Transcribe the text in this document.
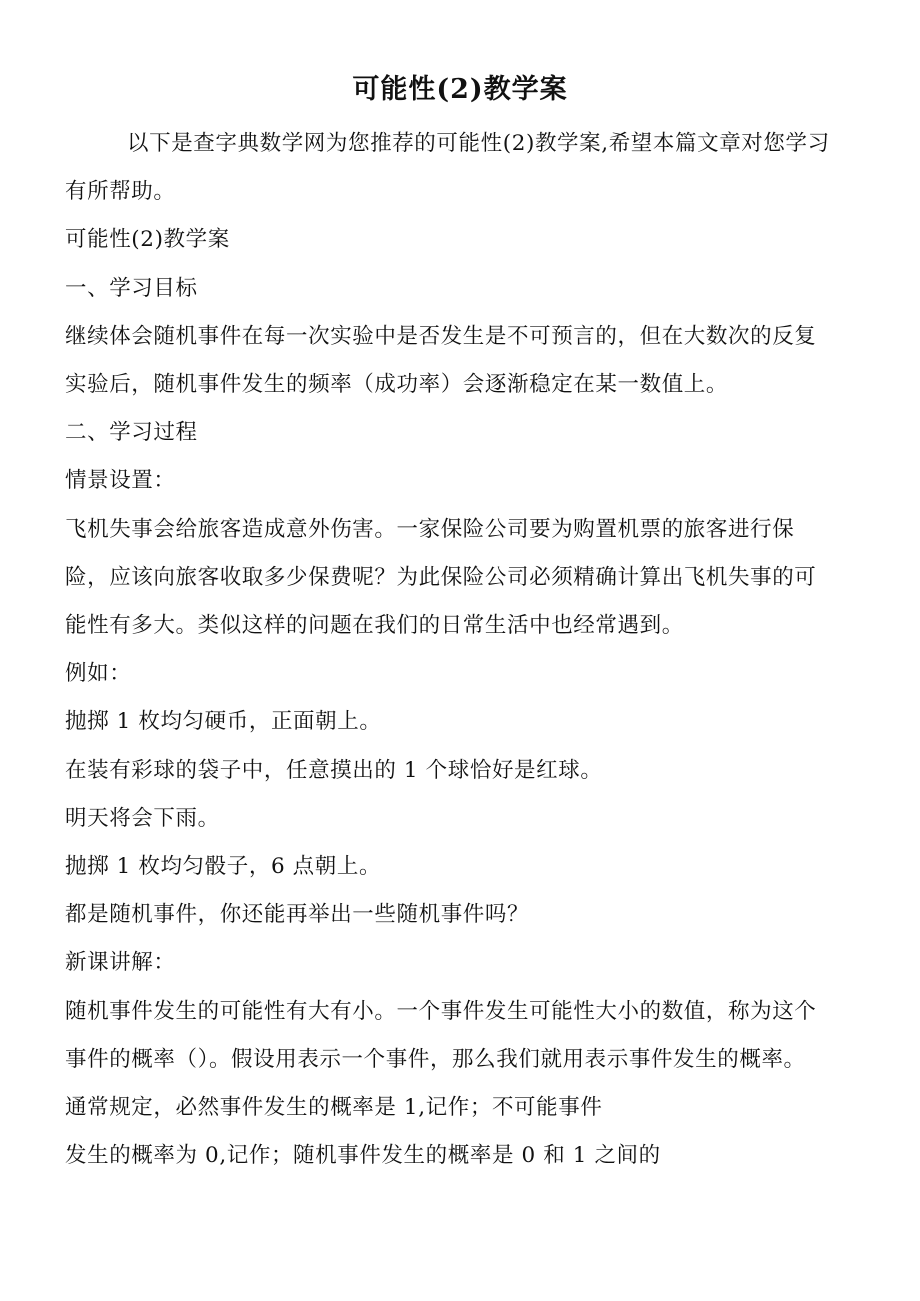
可能性(2)教学案

以下是查字典数学网为您推荐的可能性(2)教学案,希望本篇文章对您学习

有所帮助。

可能性(2)教学案

一、学习目标

继续体会随机事件在每一次实验中是否发生是不可预言的，但在大数次的反复

实验后，随机事件发生的频率（成功率）会逐渐稳定在某一数值上。

二、学习过程

情景设置：

飞机失事会给旅客造成意外伤害。一家保险公司要为购置机票的旅客进行保

险，应该向旅客收取多少保费呢？为此保险公司必须精确计算出飞机失事的可

能性有多大。类似这样的问题在我们的日常生活中也经常遇到。

例如：

抛掷 1 枚均匀硬币，正面朝上。

在装有彩球的袋子中，任意摸出的 1 个球恰好是红球。

明天将会下雨。

抛掷 1 枚均匀骰子，6 点朝上。

都是随机事件，你还能再举出一些随机事件吗？

新课讲解：

随机事件发生的可能性有大有小。一个事件发生可能性大小的数值，称为这个

事件的概率（）。假设用表示一个事件，那么我们就用表示事件发生的概率。

通常规定，必然事件发生的概率是 1,记作；不可能事件

发生的概率为 0,记作；随机事件发生的概率是 0 和 1 之间的
